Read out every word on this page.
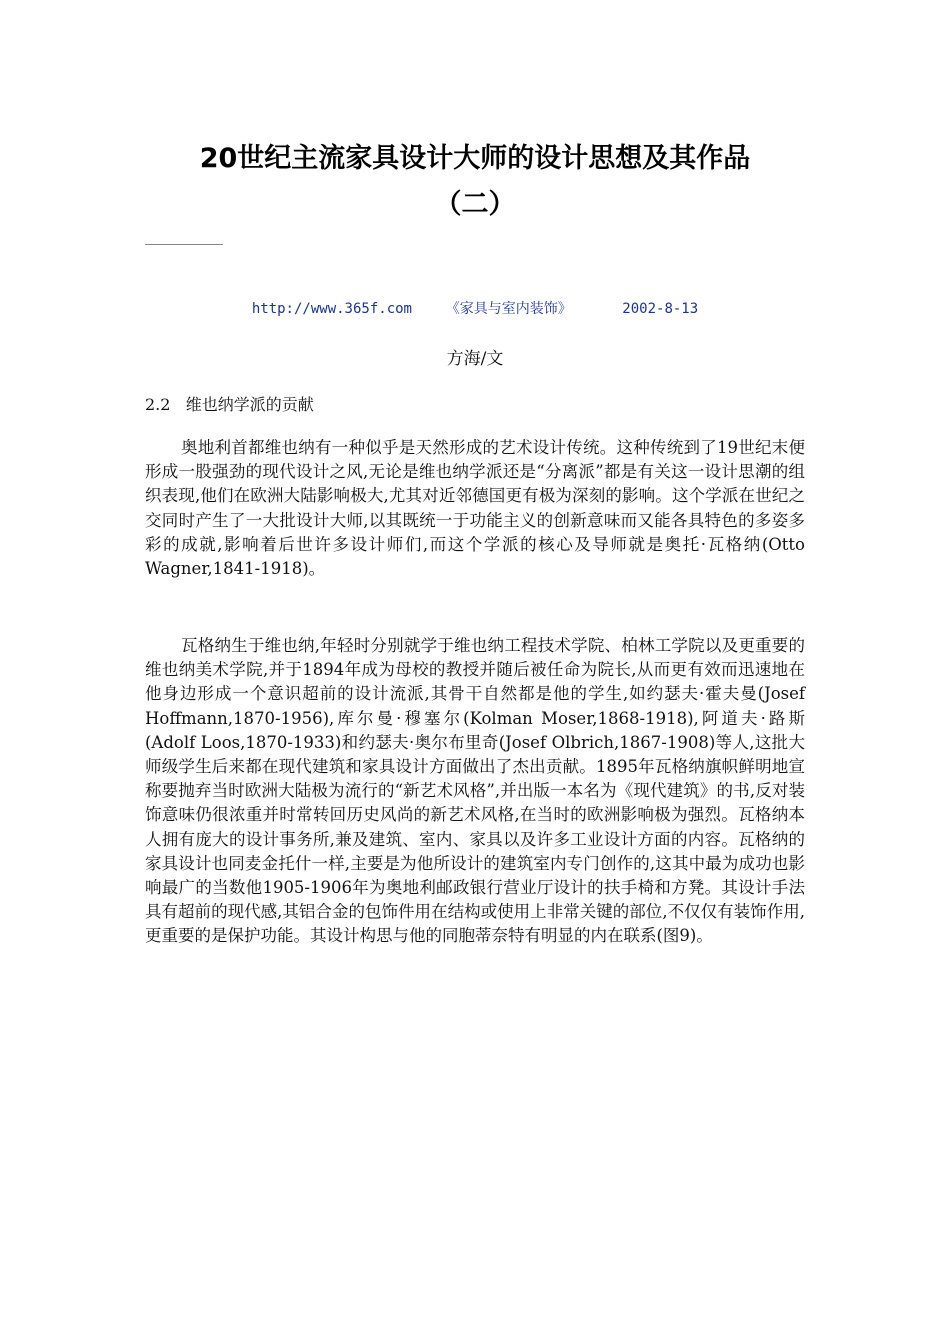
20世纪主流家具设计大师的设计思想及其作品
（二）
http://www.365f.com 《家具与室内装饰》	2002-8-13
方海/文
2.2   维也纳学派的贡献

奥地利首都维也纳有一种似乎是天然形成的艺术设计传统。这种传统到了19世纪末便形成一股强劲的现代设计之风,无论是维也纳学派还是“分离派”都是有关这一设计思潮的组织表现,他们在欧洲大陆影响极大,尤其对近邻德国更有极为深刻的影响。这个学派在世纪之交同时产生了一大批设计大师,以其既统一于功能主义的创新意味而又能各具特色的多姿多彩的成就,影响着后世许多设计师们,而这个学派的核心及导师就是奥托·瓦格纳(Otto Wagner,1841-1918)。

瓦格纳生于维也纳,年轻时分别就学于维也纳工程技术学院、柏林工学院以及更重要的维也纳美术学院,并于1894年成为母校的教授并随后被任命为院长,从而更有效而迅速地在他身边形成一个意识超前的设计流派,其骨干自然都是他的学生,如约瑟夫·霍夫曼(Josef Hoffmann,1870-1956),库尔曼·穆塞尔(Kolman Moser,1868-1918),阿道夫·路斯(Adolf Loos,1870-1933)和约瑟夫·奥尔布里奇(Josef Olbrich,1867-1908)等人,这批大师级学生后来都在现代建筑和家具设计方面做出了杰出贡献。1895年瓦格纳旗帜鲜明地宣称要抛弃当时欧洲大陆极为流行的“新艺术风格”,并出版一本名为《现代建筑》的书,反对装饰意味仍很浓重并时常转回历史风尚的新艺术风格,在当时的欧洲影响极为强烈。瓦格纳本人拥有庞大的设计事务所,兼及建筑、室内、家具以及许多工业设计方面的内容。瓦格纳的家具设计也同麦金托什一样,主要是为他所设计的建筑室内专门创作的,这其中最为成功也影响最广的当数他1905-1906年为奥地利邮政银行营业厅设计的扶手椅和方凳。其设计手法具有超前的现代感,其铝合金的包饰件用在结构或使用上非常关键的部位,不仅仅有装饰作用,更重要的是保护功能。其设计构思与他的同胞蒂奈特有明显的内在联系(图9)。
